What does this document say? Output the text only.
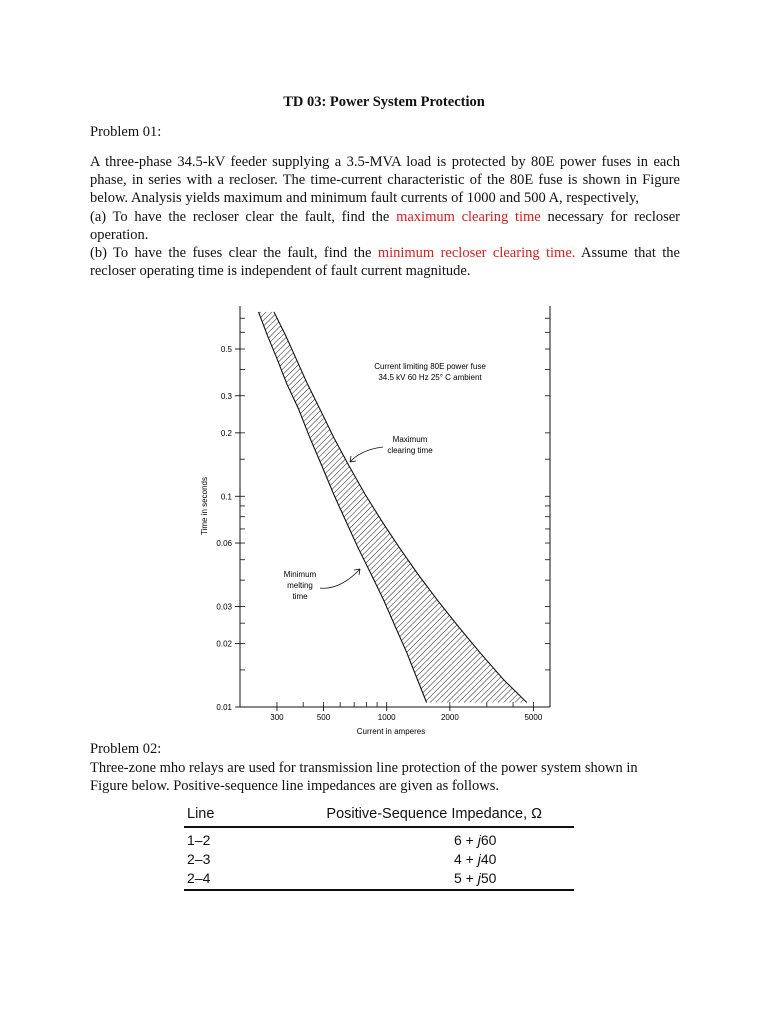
TD 03: Power System Protection
Problem 01:
A three-phase 34.5-kV feeder supplying a 3.5-MVA load is protected by 80E power fuses in each phase, in series with a recloser. The time-current characteristic of the 80E fuse is shown in Figure below. Analysis yields maximum and minimum fault currents of 1000 and 500 A, respectively,
(a) To have the recloser clear the fault, find the maximum clearing time necessary for recloser operation.
(b) To have the fuses clear the fault, find the minimum recloser clearing time. Assume that the recloser operating time is independent of fault current magnitude.
0.5
0.3
0.2
0.1
0.06
0.03
0.02
0.01
300	500	1000	2000	5000
Time in seconds
Current in amperes
Current limiting 80E power fuse
34.5 kV 60 Hz 25° C ambient
Maximum
clearing time
Minimum
melting
time
Problem 02:
Three-zone mho relays are used for transmission line protection of the power system shown in Figure below. Positive-sequence line impedances are given as follows.
Line	Positive-Sequence Impedance, Ω
1–2	6 + j60
2–3	4 + j40
2–4	5 + j50
